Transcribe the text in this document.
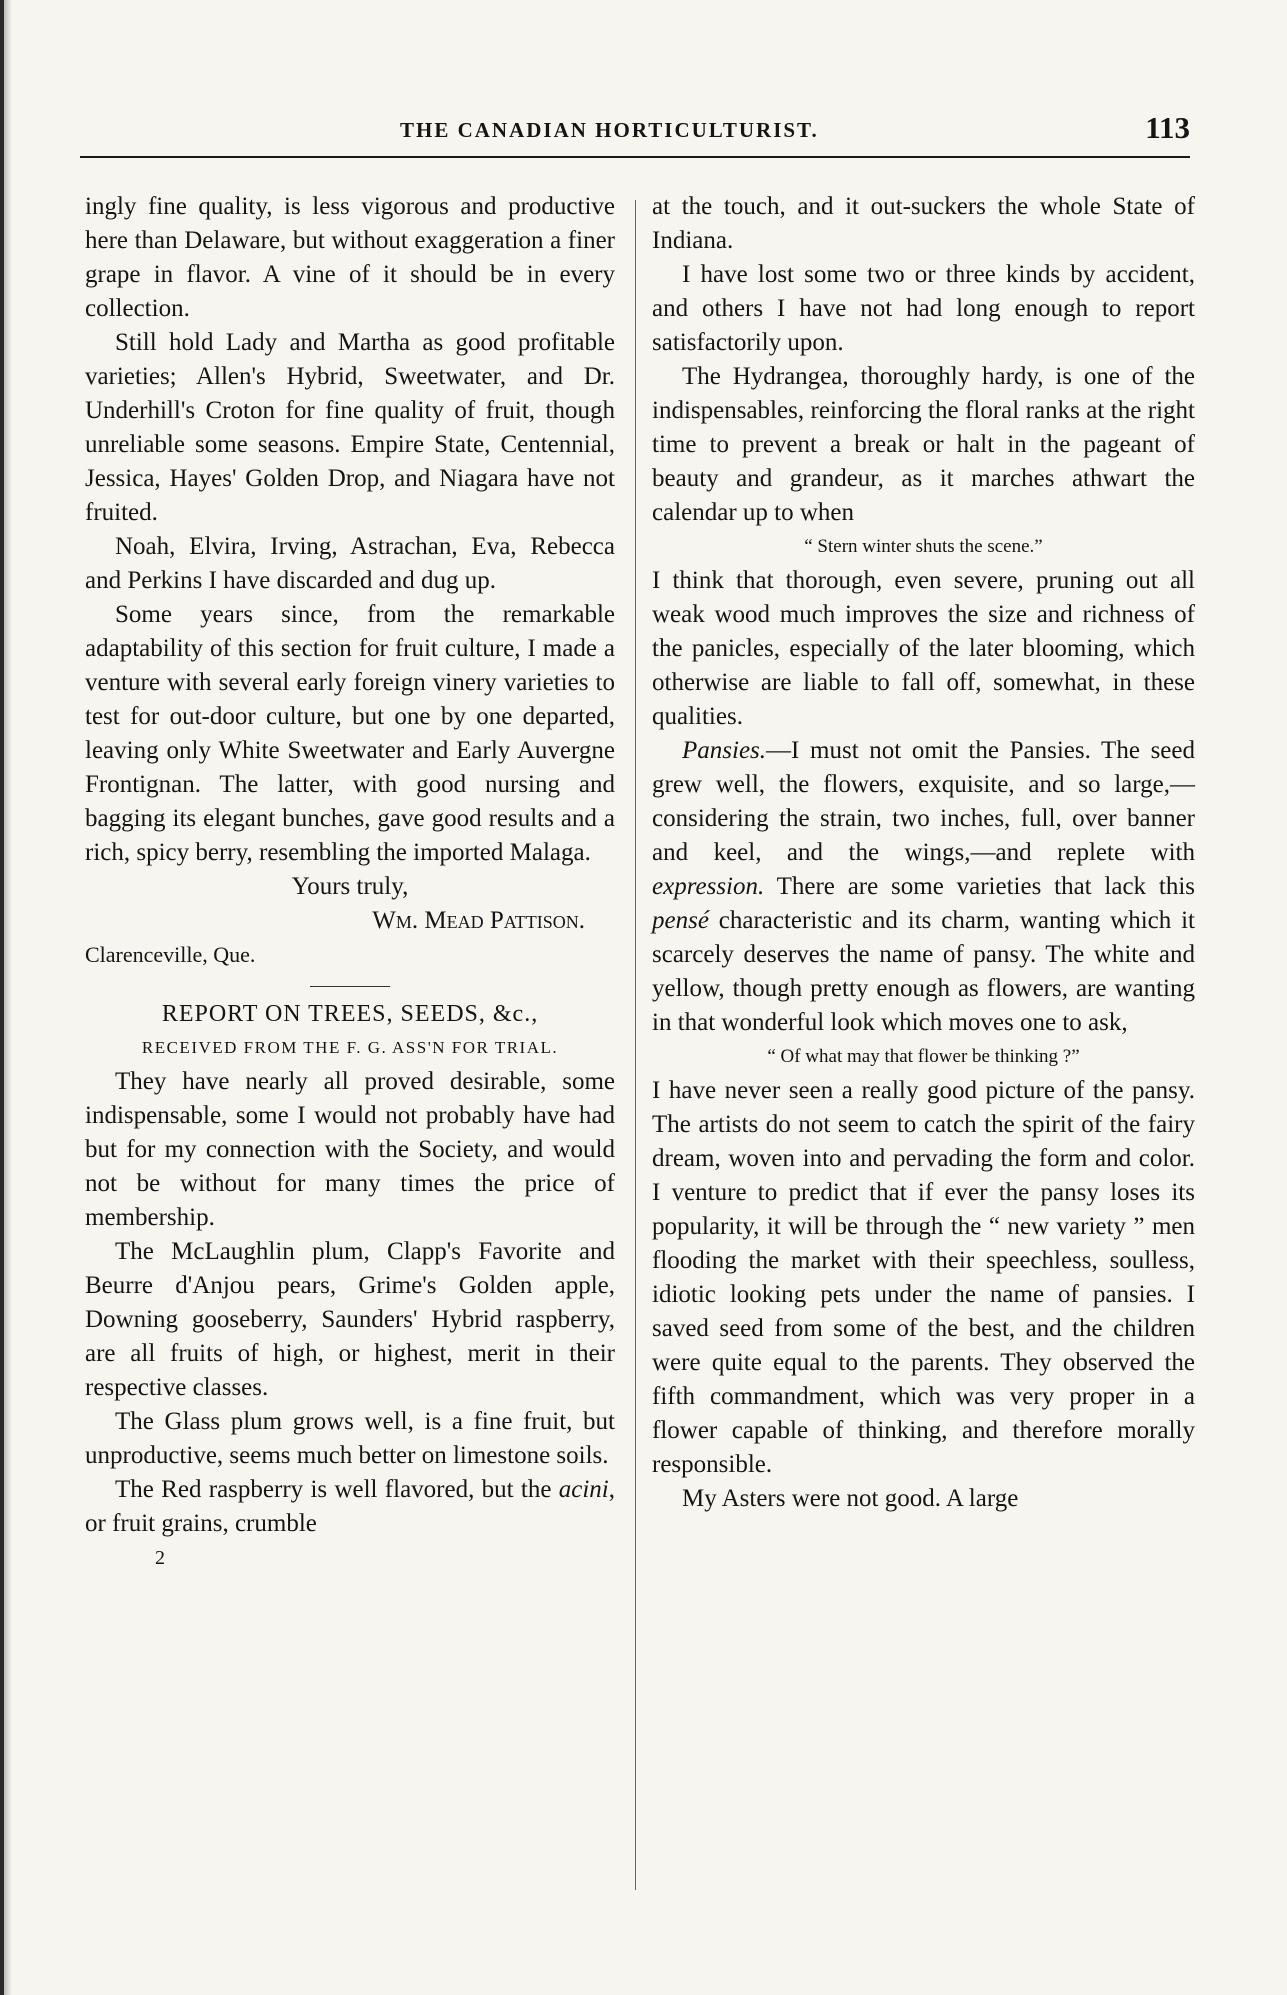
THE CANADIAN HORTICULTURIST.	113

ingly fine quality, is less vigorous and productive here than Delaware, but without exaggeration a finer grape in flavor. A vine of it should be in every collection.

Still hold Lady and Martha as good profitable varieties; Allen's Hybrid, Sweetwater, and Dr. Underhill's Croton for fine quality of fruit, though unreliable some seasons. Empire State, Centennial, Jessica, Hayes' Golden Drop, and Niagara have not fruited.

Noah, Elvira, Irving, Astrachan, Eva, Rebecca and Perkins I have discarded and dug up.

Some years since, from the remarkable adaptability of this section for fruit culture, I made a venture with several early foreign vinery varieties to test for out-door culture, but one by one departed, leaving only White Sweetwater and Early Auvergne Frontignan. The latter, with good nursing and bagging its elegant bunches, gave good results and a rich, spicy berry, resembling the imported Malaga.

Yours truly,

Wm. Mead Pattison.

Clarenceville, Que.

REPORT ON TREES, SEEDS, &c.,

RECEIVED FROM THE F. G. ASS'N FOR TRIAL.

They have nearly all proved desirable, some indispensable, some I would not probably have had but for my connection with the Society, and would not be without for many times the price of membership.

The McLaughlin plum, Clapp's Favorite and Beurre d'Anjou pears, Grime's Golden apple, Downing gooseberry, Saunders' Hybrid raspberry, are all fruits of high, or highest, merit in their respective classes.

The Glass plum grows well, is a fine fruit, but unproductive, seems much better on limestone soils.

The Red raspberry is well flavored, but the acini, or fruit grains, crumble

2

at the touch, and it out-suckers the whole State of Indiana.

I have lost some two or three kinds by accident, and others I have not had long enough to report satisfactorily upon.

The Hydrangea, thoroughly hardy, is one of the indispensables, reinforcing the floral ranks at the right time to prevent a break or halt in the pageant of beauty and grandeur, as it marches athwart the calendar up to when

“ Stern winter shuts the scene.”

I think that thorough, even severe, pruning out all weak wood much improves the size and richness of the panicles, especially of the later blooming, which otherwise are liable to fall off, somewhat, in these qualities.

Pansies.—I must not omit the Pansies. The seed grew well, the flowers, exquisite, and so large,—considering the strain, two inches, full, over banner and keel, and the wings,—and replete with expression. There are some varieties that lack this pensé characteristic and its charm, wanting which it scarcely deserves the name of pansy. The white and yellow, though pretty enough as flowers, are wanting in that wonderful look which moves one to ask,

“ Of what may that flower be thinking ?”

I have never seen a really good picture of the pansy. The artists do not seem to catch the spirit of the fairy dream, woven into and pervading the form and color. I venture to predict that if ever the pansy loses its popularity, it will be through the “ new variety ” men flooding the market with their speechless, soulless, idiotic looking pets under the name of pansies. I saved seed from some of the best, and the children were quite equal to the parents. They observed the fifth commandment, which was very proper in a flower capable of thinking, and therefore morally responsible.

My Asters were not good. A large
